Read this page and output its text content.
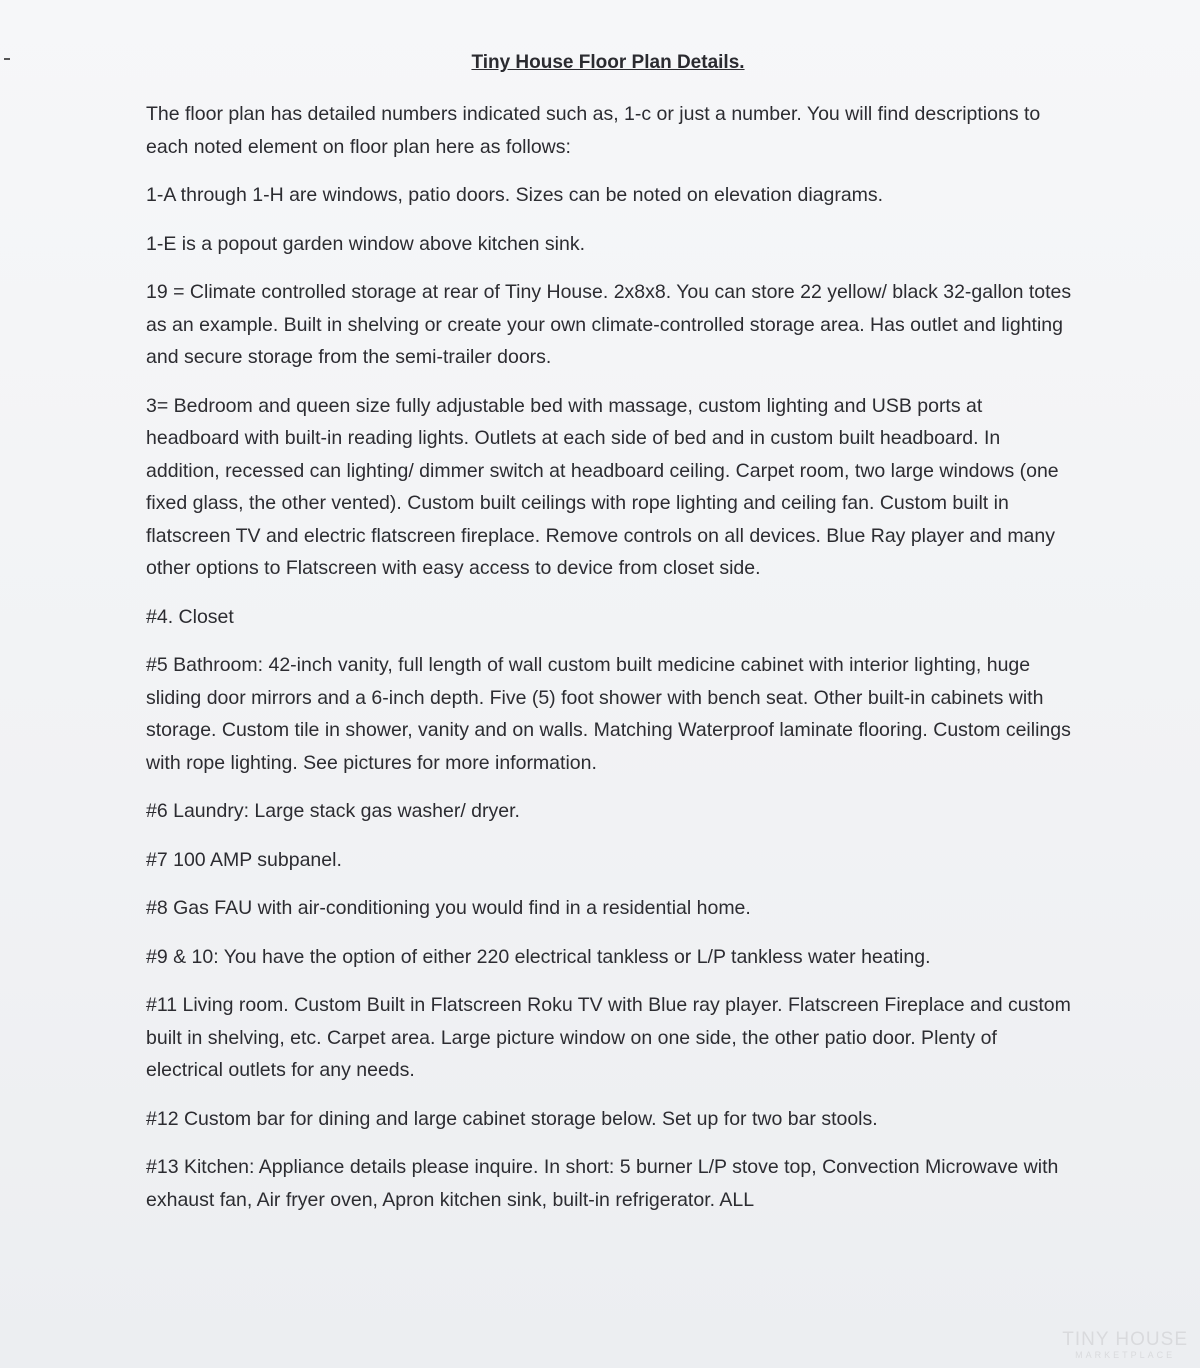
Tiny House Floor Plan Details.

The floor plan has detailed numbers indicated such as, 1-c or just a number. You will find descriptions to each noted element on floor plan here as follows:

1-A through 1-H are windows, patio doors. Sizes can be noted on elevation diagrams.

1-E is a popout garden window above kitchen sink.

19 = Climate controlled storage at rear of Tiny House. 2x8x8. You can store 22 yellow/ black 32-gallon totes as an example. Built in shelving or create your own climate-controlled storage area. Has outlet and lighting and secure storage from the semi-trailer doors.

3= Bedroom and queen size fully adjustable bed with massage, custom lighting and USB ports at headboard with built-in reading lights. Outlets at each side of bed and in custom built headboard. In addition, recessed can lighting/ dimmer switch at headboard ceiling. Carpet room, two large windows (one fixed glass, the other vented). Custom built ceilings with rope lighting and ceiling fan. Custom built in flatscreen TV and electric flatscreen fireplace. Remove controls on all devices. Blue Ray player and many other options to Flatscreen with easy access to device from closet side.

#4. Closet

#5 Bathroom: 42-inch vanity, full length of wall custom built medicine cabinet with interior lighting, huge sliding door mirrors and a 6-inch depth. Five (5) foot shower with bench seat. Other built-in cabinets with storage. Custom tile in shower, vanity and on walls. Matching Waterproof laminate flooring. Custom ceilings with rope lighting. See pictures for more information.

#6 Laundry: Large stack gas washer/ dryer.

#7 100 AMP subpanel.

#8 Gas FAU with air-conditioning you would find in a residential home.

#9 & 10: You have the option of either 220 electrical tankless or L/P tankless water heating.

#11 Living room. Custom Built in Flatscreen Roku TV with Blue ray player. Flatscreen Fireplace and custom built in shelving, etc. Carpet area. Large picture window on one side, the other patio door. Plenty of electrical outlets for any needs.

#12 Custom bar for dining and large cabinet storage below. Set up for two bar stools.

#13 Kitchen: Appliance details please inquire. In short: 5 burner L/P stove top, Convection Microwave with exhaust fan, Air fryer oven, Apron kitchen sink, built-in refrigerator. ALL

TINY HOUSE
MARKETPLACE
